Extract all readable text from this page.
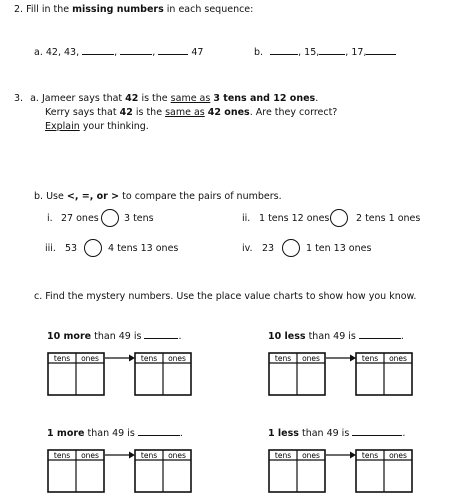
2. Fill in the missing numbers in each sequence:
a. 42, 43,	,	,	47	b.	, 15,	, 17,
3. a. Jameer says that 42 is the same as 3 tens and 12 ones.
Kerry says that 42 is the same as 42 ones. Are they correct?
Explain your thinking.
b. Use <, =, or > to compare the pairs of numbers.
i. 27 ones	3 tens	ii. 1 tens 12 ones	2 tens 1 ones
iii. 53	4 tens 13 ones	iv. 23	1 ten 13 ones
c. Find the mystery numbers. Use the place value charts to show how you know.
10 more than 49 is	.	10 less than 49 is	.
1 more than 49 is	.	1 less than 49 is	.
tens ones	tens ones	tens ones	tens ones
tens ones	tens ones	tens ones	tens ones
